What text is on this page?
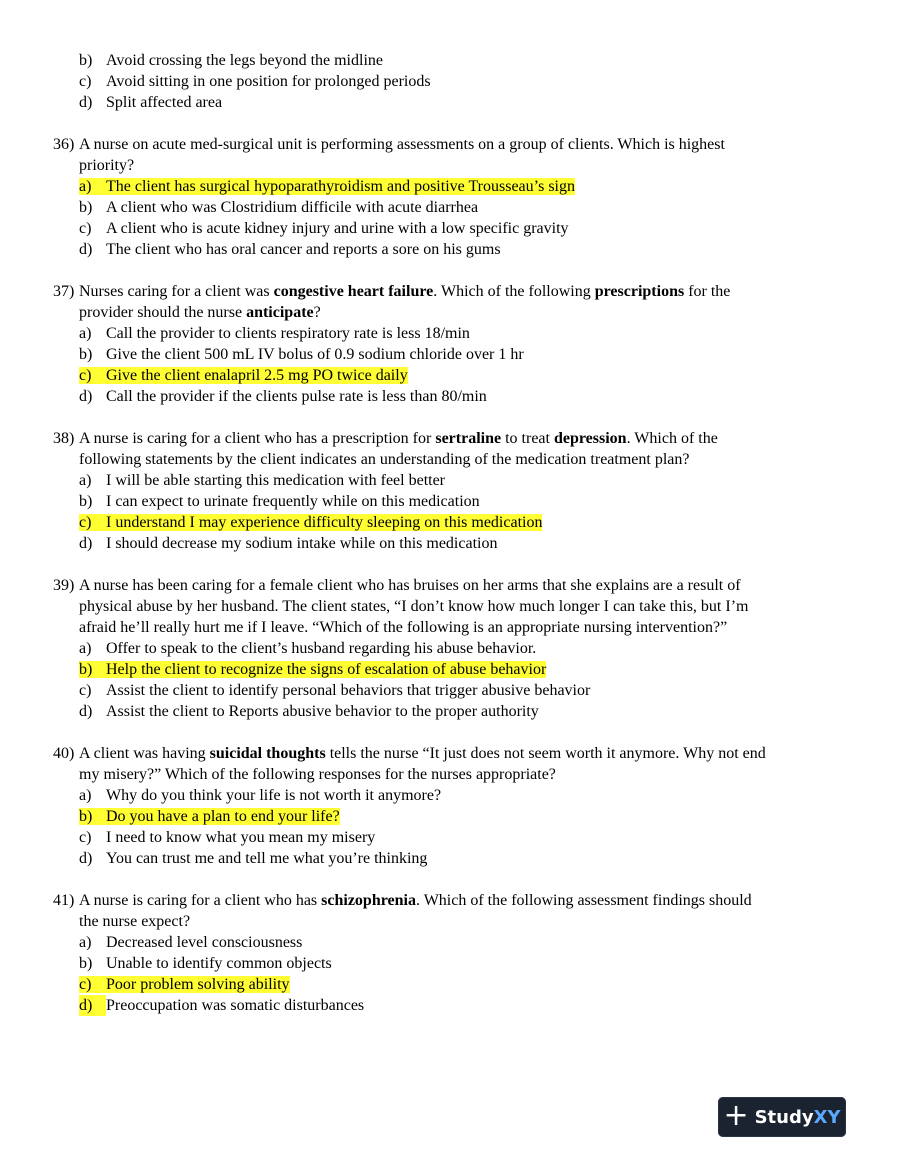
b) Avoid crossing the legs beyond the midline
c) Avoid sitting in one position for prolonged periods
d) Split affected area
36) A nurse on acute med-surgical unit is performing assessments on a group of clients. Which is highest
priority?
a) The client has surgical hypoparathyroidism and positive Trousseau’s sign
b) A client who was Clostridium difficile with acute diarrhea
c) A client who is acute kidney injury and urine with a low specific gravity
d) The client who has oral cancer and reports a sore on his gums
37) Nurses caring for a client was congestive heart failure. Which of the following prescriptions for the
provider should the nurse anticipate?
a) Call the provider to clients respiratory rate is less 18/min
b) Give the client 500 mL IV bolus of 0.9 sodium chloride over 1 hr
c) Give the client enalapril 2.5 mg PO twice daily
d) Call the provider if the clients pulse rate is less than 80/min
38) A nurse is caring for a client who has a prescription for sertraline to treat depression. Which of the
following statements by the client indicates an understanding of the medication treatment plan?
a) I will be able starting this medication with feel better
b) I can expect to urinate frequently while on this medication
c) I understand I may experience difficulty sleeping on this medication
d) I should decrease my sodium intake while on this medication
39) A nurse has been caring for a female client who has bruises on her arms that she explains are a result of
physical abuse by her husband. The client states, “I don’t know how much longer I can take this, but I’m
afraid he’ll really hurt me if I leave. “Which of the following is an appropriate nursing intervention?”
a) Offer to speak to the client’s husband regarding his abuse behavior.
b) Help the client to recognize the signs of escalation of abuse behavior
c) Assist the client to identify personal behaviors that trigger abusive behavior
d) Assist the client to Reports abusive behavior to the proper authority
40) A client was having suicidal thoughts tells the nurse “It just does not seem worth it anymore. Why not end
my misery?” Which of the following responses for the nurses appropriate?
a) Why do you think your life is not worth it anymore?
b) Do you have a plan to end your life?
c) I need to know what you mean my misery
d) You can trust me and tell me what you’re thinking
41) A nurse is caring for a client who has schizophrenia. Which of the following assessment findings should
the nurse expect?
a) Decreased level consciousness
b) Unable to identify common objects
c) Poor problem solving ability
d) Preoccupation was somatic disturbances
+ Study XY
